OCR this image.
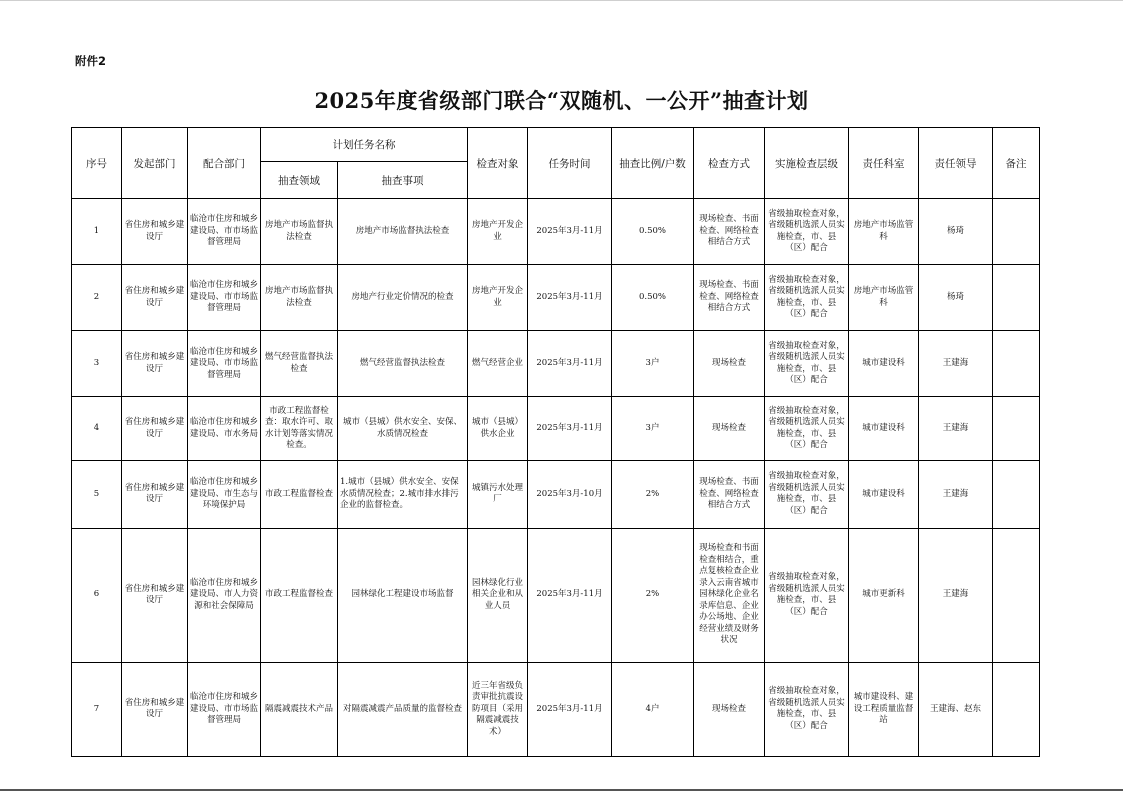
附件2
2025年度省级部门联合“双随机、一公开”抽查计划
序号	发起部门	配合部门	计划任务名称		检查对象	任务时间	抽查比例/户数	检查方式	实施检查层级	责任科室	责任领导	备注
			抽查领域	抽查事项								
1	省住房和城乡建设厅	临沧市住房和城乡建设局、市市场监督管理局	房地产市场监督执法检查	房地产市场监督执法检查	房地产开发企业	2025年3月-11月	0.50%	现场检查、书面检查、网络检查相结合方式	省级抽取检查对象，省级随机选派人员实施检查，市、县（区）配合	房地产市场监管科	杨琦	
2	省住房和城乡建设厅	临沧市住房和城乡建设局、市市场监督管理局	房地产市场监督执法检查	房地产行业定价情况的检查	房地产开发企业	2025年3月-11月	0.50%	现场检查、书面检查、网络检查相结合方式	省级抽取检查对象，省级随机选派人员实施检查，市、县（区）配合	房地产市场监管科	杨琦	
3	省住房和城乡建设厅	临沧市住房和城乡建设局、市市场监督管理局	燃气经营监督执法检查	燃气经营监督执法检查	燃气经营企业	2025年3月-11月	3户	现场检查	省级抽取检查对象，省级随机选派人员实施检查，市、县（区）配合	城市建设科	王建海	
4	省住房和城乡建设厅	临沧市住房和城乡建设局、市水务局	市政工程监督检查：取水许可、取水计划等落实情况检查。	城市（县城）供水安全、安保、水质情况检查	城市（县城）供水企业	2025年3月-11月	3户	现场检查	省级抽取检查对象，省级随机选派人员实施检查，市、县（区）配合	城市建设科	王建海	
5	省住房和城乡建设厅	临沧市住房和城乡建设局、市生态与环境保护局	市政工程监督检查	1.城市（县城）供水安全、安保水质情况检查；2.城市排水排污企业的监督检查。	城镇污水处理厂	2025年3月-10月	2%	现场检查、书面检查、网络检查相结合方式	省级抽取检查对象，省级随机选派人员实施检查，市、县（区）配合	城市建设科	王建海	
6	省住房和城乡建设厅	临沧市住房和城乡建设局、市人力资源和社会保障局	市政工程监督检查	园林绿化工程建设市场监督	园林绿化行业相关企业和从业人员	2025年3月-11月	2%	现场检查和书面检查相结合，重点复核检查企业录入云南省城市园林绿化企业名录库信息、企业办公场地、企业经营业绩及财务状况	省级抽取检查对象，省级随机选派人员实施检查，市、县（区）配合	城市更新科	王建海	
7	省住房和城乡建设厅	临沧市住房和城乡建设局、市市场监督管理局	隔震减震技术产品	对隔震减震产品质量的监督检查	近三年省级负责审批抗震设防项目（采用隔震减震技术）	2025年3月-11月	4户	现场检查	省级抽取检查对象，省级随机选派人员实施检查，市、县（区）配合	城市建设科、建设工程质量监督站	王建海、赵东	
